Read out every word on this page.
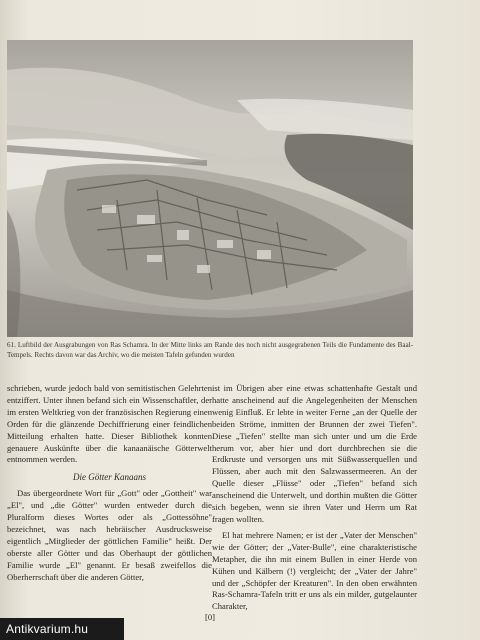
61. Luftbild der Ausgrabungen von Ras Schamra. In der Mitte links am Rande des noch nicht ausgegrabenen Teils die Fundamente des Baal-Tempels. Rechts davon war das Archiv, wo die meisten Tafeln gefunden wurden

schrieben, wurde jedoch bald von semitistischen Gelehrten entziffert. Unter ihnen befand sich ein Wissenschaftler, der im ersten Weltkrieg von der französischen Regierung einen Orden für die glänzende Dechiffrierung einer feindlichen Mitteilung erhalten hatte. Dieser Bibliothek konnten genauere Auskünfte über die kanaanäische Götterwelt entnommen werden.

Die Götter Kanaans

Das übergeordnete Wort für „Gott" oder „Gottheit" war „El", und „die Götter" wurden entweder durch die Pluralform dieses Wortes oder als „Gottessöhne" bezeichnet, was nach hebräischer Ausdrucksweise eigentlich „Mitglieder der göttlichen Familie" heißt. Der oberste aller Götter und das Oberhaupt der göttlichen Familie wurde „El" genannt. Er besaß zweifellos die Oberherrschaft über die anderen Götter,

ist im Übrigen aber eine etwas schattenhafte Gestalt und hatte anscheinend auf die Angelegenheiten der Menschen wenig Einfluß. Er lebte in weiter Ferne „an der Quelle der beiden Ströme, inmitten der Brunnen der zwei Tiefen". Diese „Tiefen" stellte man sich unter und um die Erde herum vor, aber hier und dort durchbrechen sie die Erdkruste und versorgen uns mit Süßwasserquellen und Flüssen, aber auch mit den Salzwassermeeren. An der Quelle dieser „Flüsse" oder „Tiefen" befand sich anscheinend die Unterwelt, und dorthin mußten die Götter sich begeben, wenn sie ihren Vater und Herrn um Rat fragen wollten.

El hat mehrere Namen; er ist der „Vater der Menschen" wie der Götter; der „Vater-Bulle", eine charakteristische Metapher, die ihn mit einem Bullen in einer Herde von Kühen und Kälbern (!) vergleicht; der „Vater der Jahre" und der „Schöpfer der Kreaturen". In den oben erwähnten Ras-Schamra-Tafeln tritt er uns als ein milder, gutgelaunter Charakter,

[0]
Antikvarium.hu
